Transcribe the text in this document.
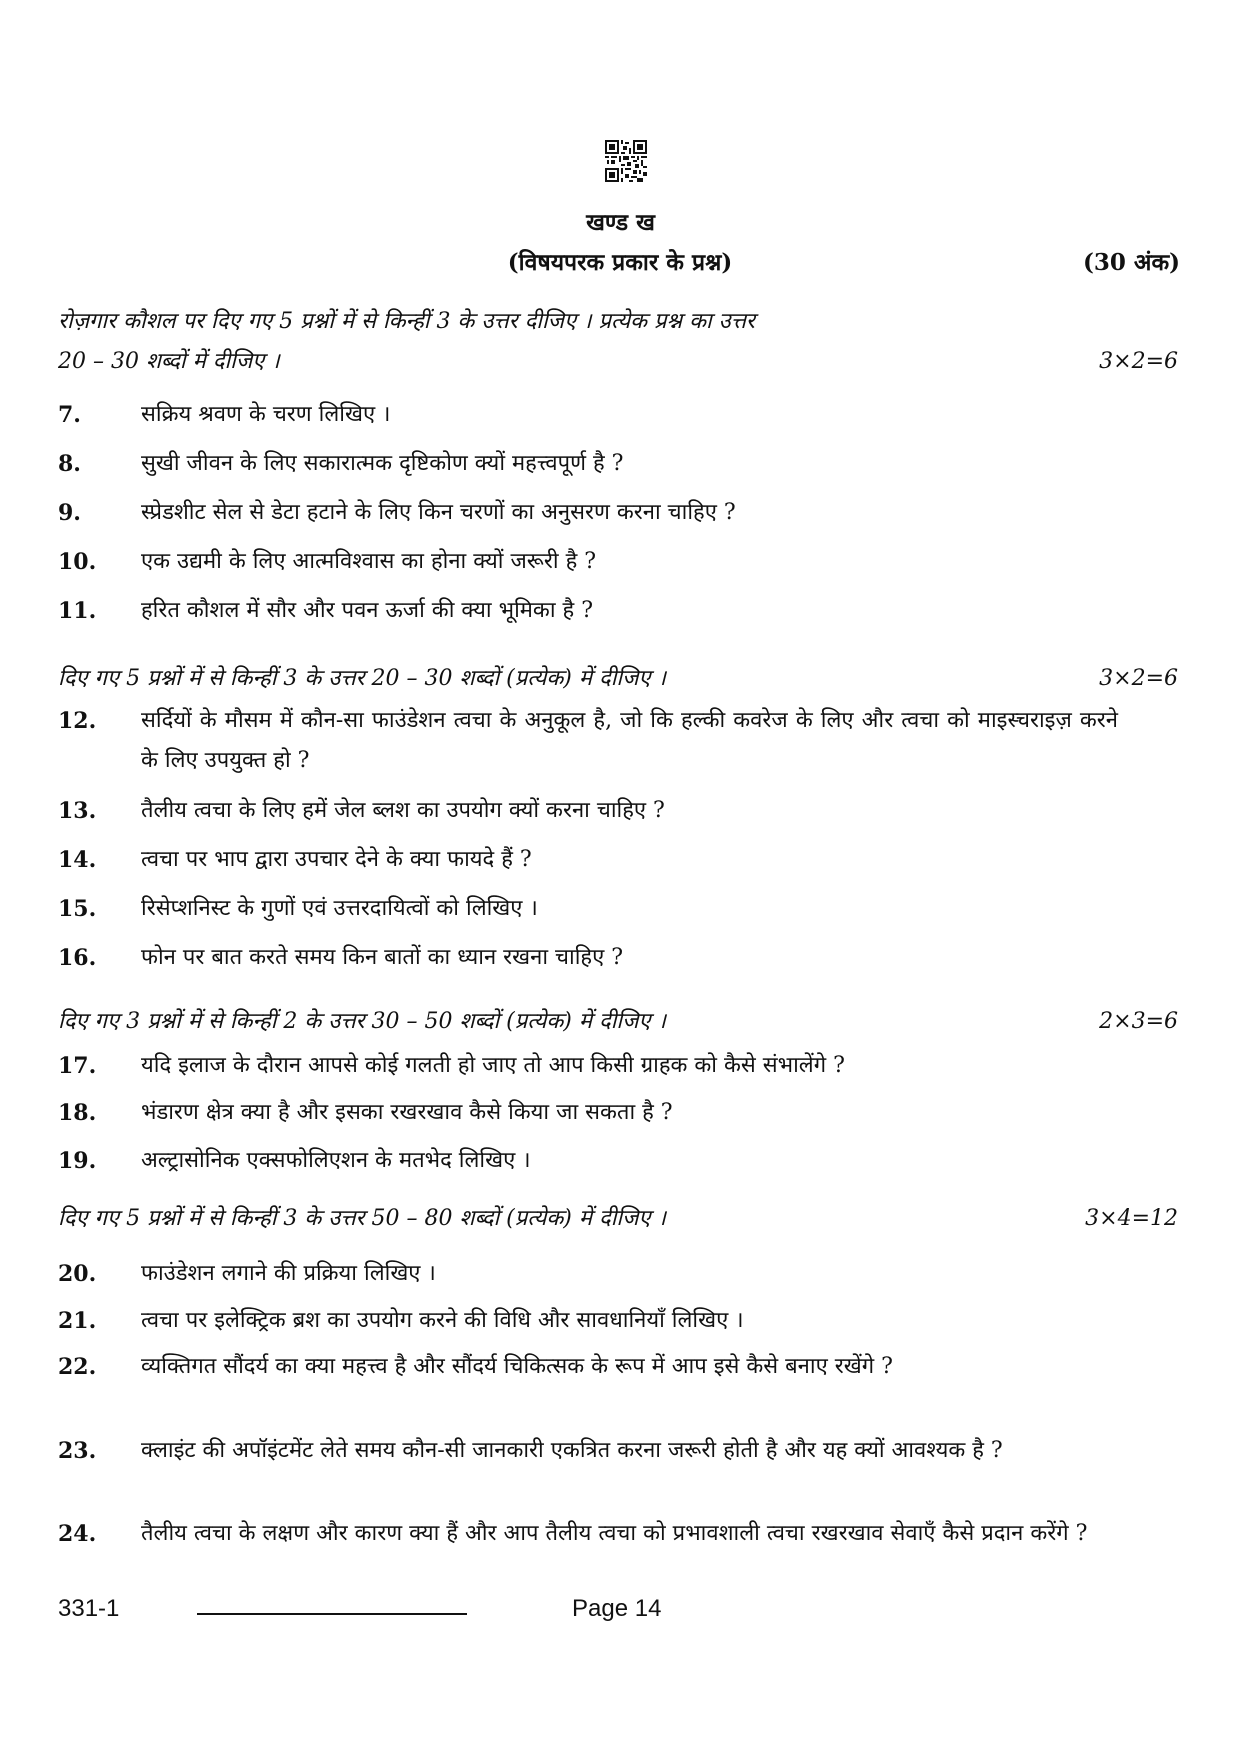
खण्ड ख
(विषयपरक प्रकार के प्रश्न)	(30 अंक)
रोज़गार कौशल पर दिए गए 5 प्रश्नों में से किन्हीं 3 के उत्तर दीजिए । प्रत्येक प्रश्न का उत्तर
20 – 30 शब्दों में दीजिए ।	3×2=6
7.	सक्रिय श्रवण के चरण लिखिए ।
8.	सुखी जीवन के लिए सकारात्मक दृष्टिकोण क्यों महत्त्वपूर्ण है ?
9.	स्प्रेडशीट सेल से डेटा हटाने के लिए किन चरणों का अनुसरण करना चाहिए ?
10.	एक उद्यमी के लिए आत्मविश्वास का होना क्यों जरूरी है ?
11.	हरित कौशल में सौर और पवन ऊर्जा की क्या भूमिका है ?
दिए गए 5 प्रश्नों में से किन्हीं 3 के उत्तर 20 – 30 शब्दों (प्रत्येक) में दीजिए ।	3×2=6
12.	सर्दियों के मौसम में कौन-सा फाउंडेशन त्वचा के अनुकूल है, जो कि हल्की कवरेज के लिए और त्वचा को माइस्चराइज़ करने के लिए उपयुक्त हो ?
13.	तैलीय त्वचा के लिए हमें जेल ब्लश का उपयोग क्यों करना चाहिए ?
14.	त्वचा पर भाप द्वारा उपचार देने के क्या फायदे हैं ?
15.	रिसेप्शनिस्ट के गुणों एवं उत्तरदायित्वों को लिखिए ।
16.	फोन पर बात करते समय किन बातों का ध्यान रखना चाहिए ?
दिए गए 3 प्रश्नों में से किन्हीं 2 के उत्तर 30 – 50 शब्दों (प्रत्येक) में दीजिए ।	2×3=6
17.	यदि इलाज के दौरान आपसे कोई गलती हो जाए तो आप किसी ग्राहक को कैसे संभालेंगे ?
18.	भंडारण क्षेत्र क्या है और इसका रखरखाव कैसे किया जा सकता है ?
19.	अल्ट्रासोनिक एक्सफोलिएशन के मतभेद लिखिए ।
दिए गए 5 प्रश्नों में से किन्हीं 3 के उत्तर 50 – 80 शब्दों (प्रत्येक) में दीजिए ।	3×4=12
20.	फाउंडेशन लगाने की प्रक्रिया लिखिए ।
21.	त्वचा पर इलेक्ट्रिक ब्रश का उपयोग करने की विधि और सावधानियाँ लिखिए ।
22.	व्यक्तिगत सौंदर्य का क्या महत्त्व है और सौंदर्य चिकित्सक के रूप में आप इसे कैसे बनाए रखेंगे ?
23.	क्लाइंट की अपॉइंटमेंट लेते समय कौन-सी जानकारी एकत्रित करना जरूरी होती है और यह क्यों आवश्यक है ?
24.	तैलीय त्वचा के लक्षण और कारण क्या हैं और आप तैलीय त्वचा को प्रभावशाली त्वचा रखरखाव सेवाएँ कैसे प्रदान करेंगे ?
331-1	Page 14
